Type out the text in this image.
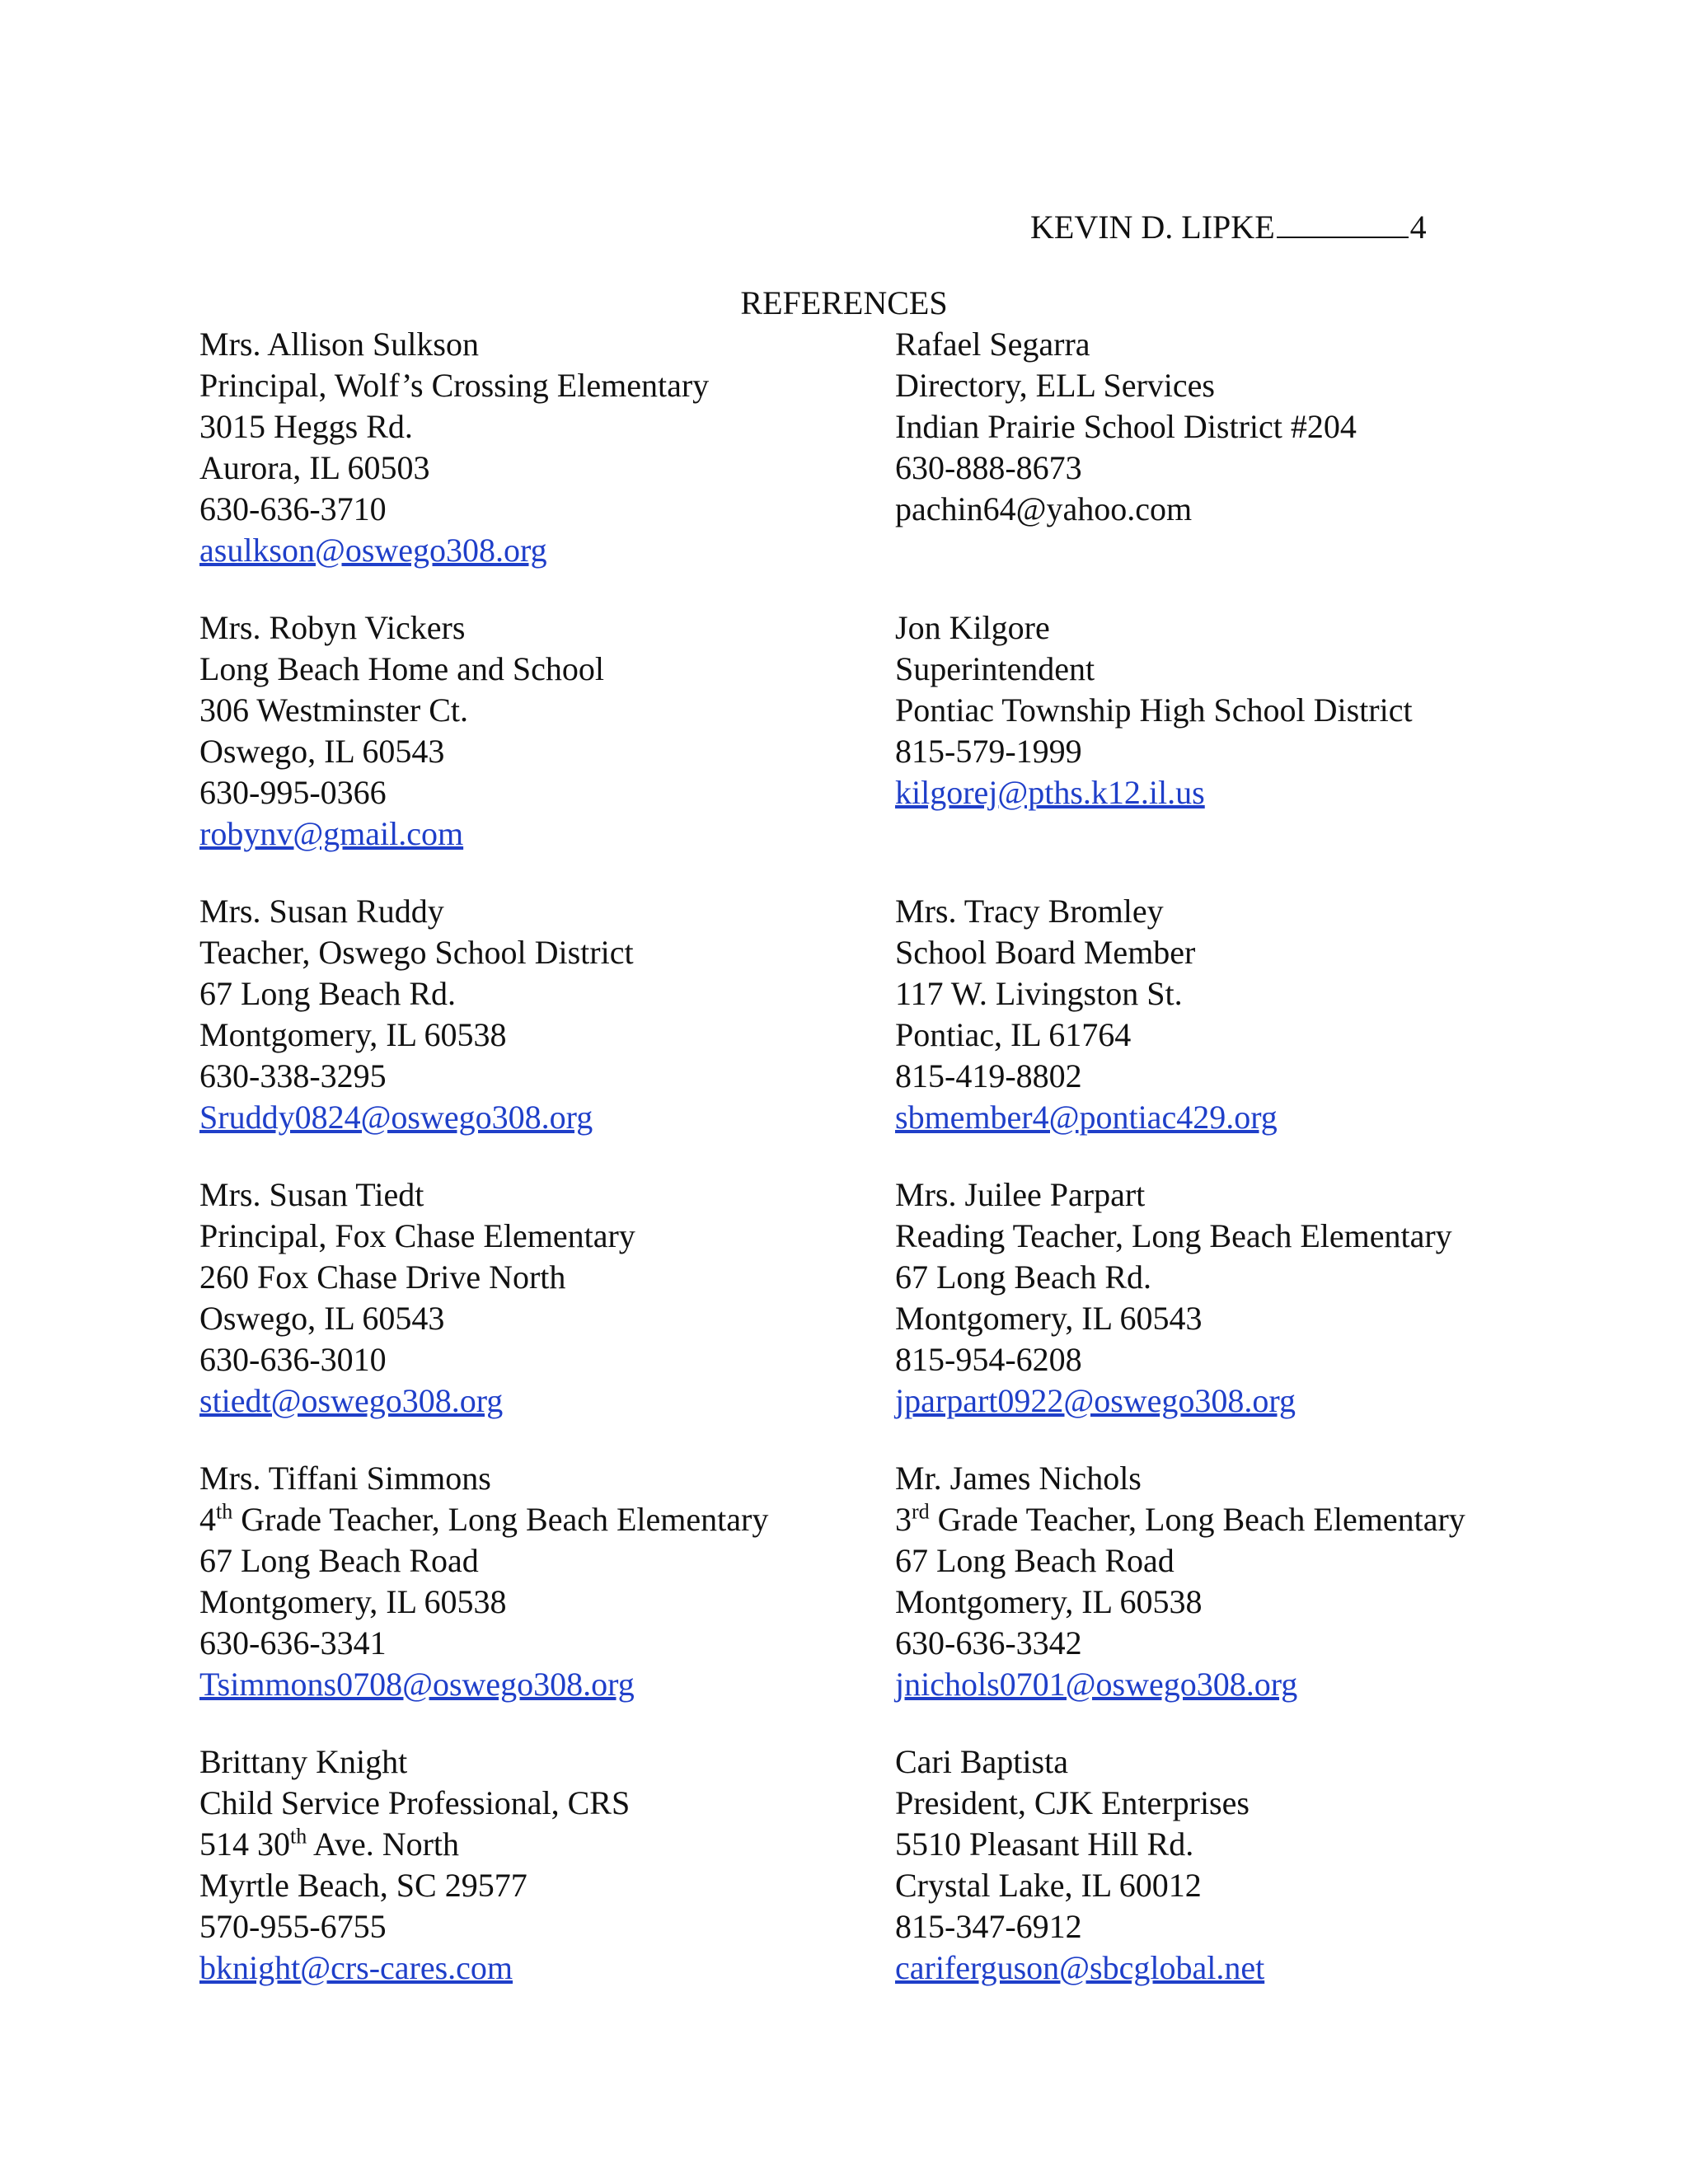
KEVIN D. LIPKE	4
REFERENCES
Mrs. Allison Sulkson
Principal, Wolf’s Crossing Elementary
3015 Heggs Rd.
Aurora, IL 60503
630-636-3710
asulkson@oswego308.org
Rafael Segarra
Directory, ELL Services
Indian Prairie School District #204
630-888-8673
pachin64@yahoo.com
Mrs. Robyn Vickers
Long Beach Home and School
306 Westminster Ct.
Oswego, IL 60543
630-995-0366
robynv@gmail.com
Jon Kilgore
Superintendent
Pontiac Township High School District
815-579-1999
kilgorej@pths.k12.il.us
Mrs. Susan Ruddy
Teacher, Oswego School District
67 Long Beach Rd.
Montgomery, IL 60538
630-338-3295
Sruddy0824@oswego308.org
Mrs. Tracy Bromley
School Board Member
117 W. Livingston St.
Pontiac, IL 61764
815-419-8802
sbmember4@pontiac429.org
Mrs. Susan Tiedt
Principal, Fox Chase Elementary
260 Fox Chase Drive North
Oswego, IL 60543
630-636-3010
stiedt@oswego308.org
Mrs. Juilee Parpart
Reading Teacher, Long Beach Elementary
67 Long Beach Rd.
Montgomery, IL 60543
815-954-6208
jparpart0922@oswego308.org
Mrs. Tiffani Simmons
4th Grade Teacher, Long Beach Elementary
67 Long Beach Road
Montgomery, IL 60538
630-636-3341
Tsimmons0708@oswego308.org
Mr. James Nichols
3rd Grade Teacher, Long Beach Elementary
67 Long Beach Road
Montgomery, IL 60538
630-636-3342
jnichols0701@oswego308.org
Brittany Knight
Child Service Professional, CRS
514 30th Ave. North
Myrtle Beach, SC 29577
570-955-6755
bknight@crs-cares.com
Cari Baptista
President, CJK Enterprises
5510 Pleasant Hill Rd.
Crystal Lake, IL 60012
815-347-6912
cariferguson@sbcglobal.net
